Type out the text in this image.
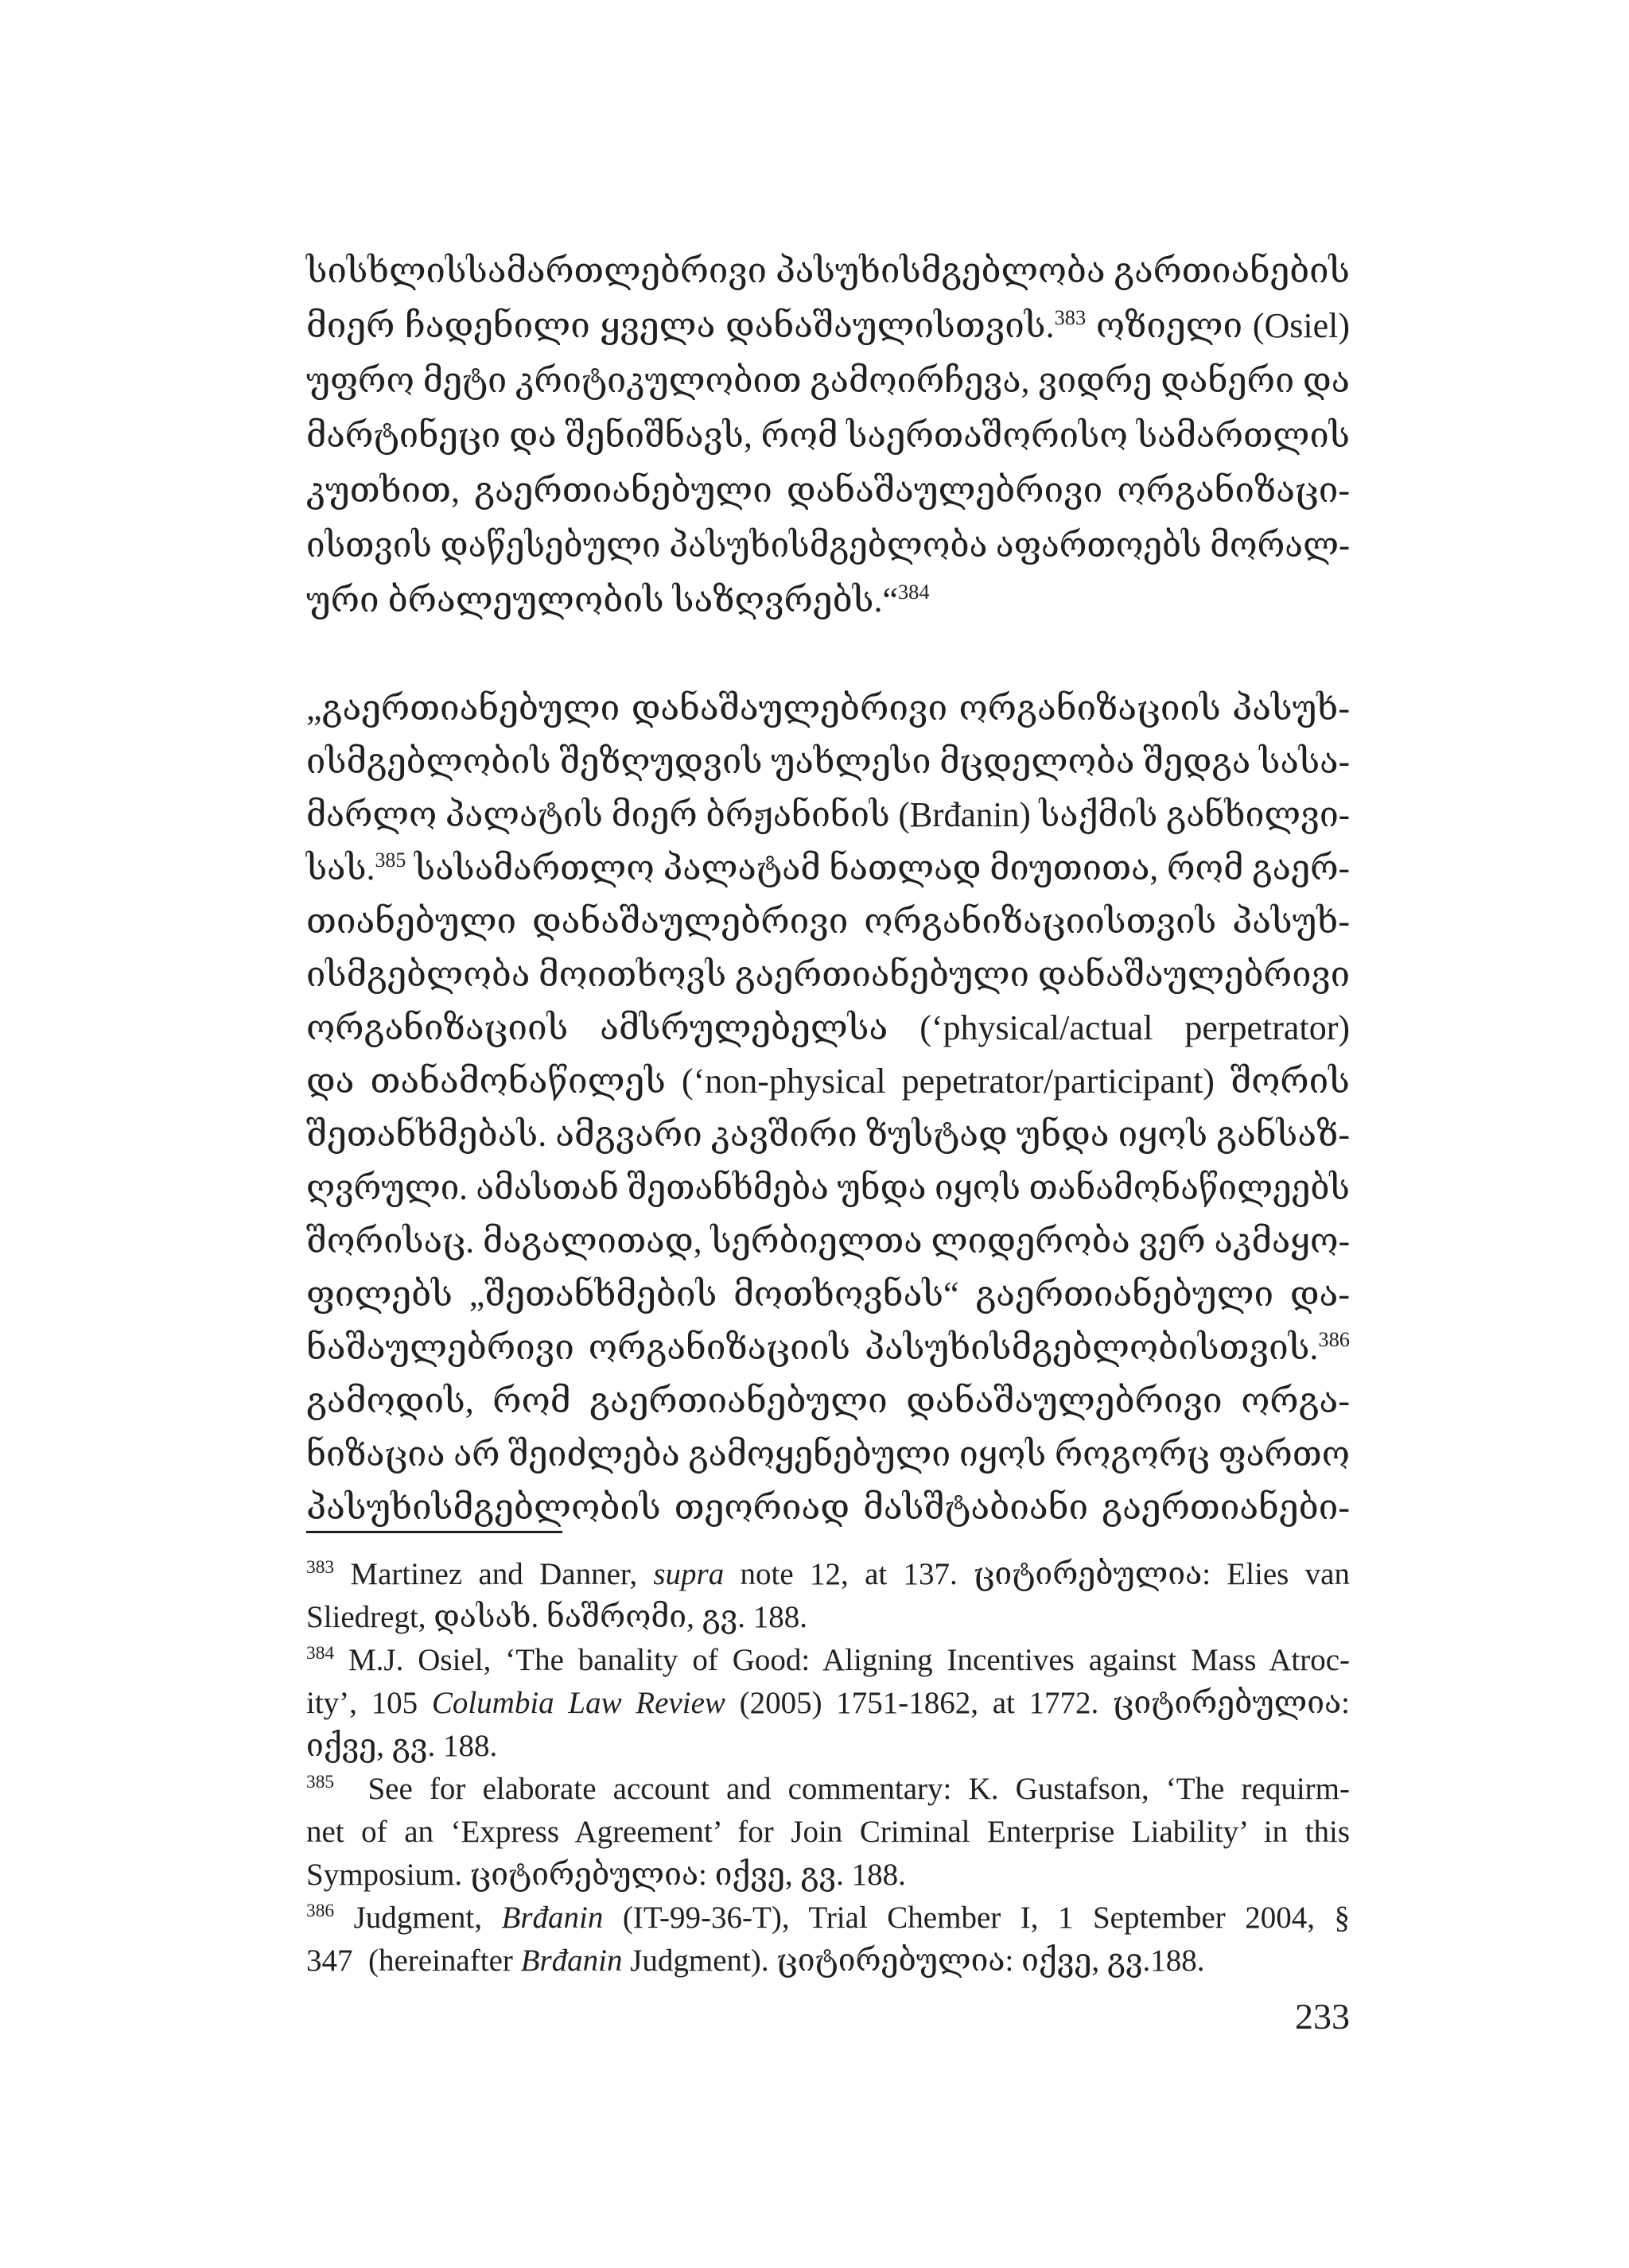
სისხლისსამართლებრივი პასუხისმგებლობა გართიანების
მიერ ჩადენილი ყველა დანაშაულისთვის.$^{383}$ ოზიელი (Osiel)
უფრო მეტი კრიტიკულობით გამოირჩევა, ვიდრე დანერი და
მარტინეცი და შენიშნავს, რომ საერთაშორისო სამართლის
კუთხით, გაერთიანებული დანაშაულებრივი ორგანიზაცი-
ისთვის დაწესებული პასუხისმგებლობა აფართოებს მორალ-
ური ბრალეულობის საზღვრებს.“$^{384}$
„გაერთიანებული დანაშაულებრივი ორგანიზაციის პასუხ-
ისმგებლობის შეზღუდვის უახლესი მცდელობა შედგა სასა-
მარლო პალატის მიერ ბრჟანინის (Brđanin) საქმის განხილვი-
სას.$^{385}$ სასამართლო პალატამ ნათლად მიუთითა, რომ გაერ-
თიანებული დანაშაულებრივი ორგანიზაციისთვის პასუხ-
ისმგებლობა მოითხოვს გაერთიანებული დანაშაულებრივი
ორგანიზაციის ამსრულებელსა (‘physical/actual perpetrator)
და თანამონაწილეს (‘non-physical pepetrator/participant) შორის
შეთანხმებას. ამგვარი კავშირი ზუსტად უნდა იყოს განსაზ-
ღვრული. ამასთან შეთანხმება უნდა იყოს თანამონაწილეებს
შორისაც. მაგალითად, სერბიელთა ლიდერობა ვერ აკმაყო-
ფილებს „შეთანხმების მოთხოვნას“ გაერთიანებული და-
ნაშაულებრივი ორგანიზაციის პასუხისმგებლობისთვის.$^{386}$
გამოდის, რომ გაერთიანებული დანაშაულებრივი ორგა-
ნიზაცია არ შეიძლება გამოყენებული იყოს როგორც ფართო
პასუხისმგებლობის თეორიად მასშტაბიანი გაერთიანები-
$^{383}$ Martinez and Danner, supra note 12, at 137. ციტირებულია: Elies van
Sliedregt, დასახ. ნაშრომი, გვ. 188.
$^{384}$ M.J. Osiel, ‘The banality of Good: Aligning Incentives against Mass Atroc-
ity’, 105 Columbia Law Review (2005) 1751-1862, at 1772. ციტირებულია:
იქვე, გვ. 188.
$^{385}$  See for elaborate account and commentary: K. Gustafson, ‘The requirm-
net of an ‘Express Agreement’ for Join Criminal Enterprise Liability’ in this
Symposium. ციტირებულია: იქვე, გვ. 188.
$^{386}$ Judgment, Brđanin (IT-99-36-T), Trial Chember I, 1 September 2004, §
347  (hereinafter Brđanin Judgment). ციტირებულია: იქვე, გვ.188.
233
